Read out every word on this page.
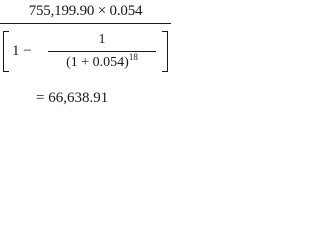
755,199.90 × 0.054
1 −
1
$(1 + 0.054)^{18}$
= 66,638.91
